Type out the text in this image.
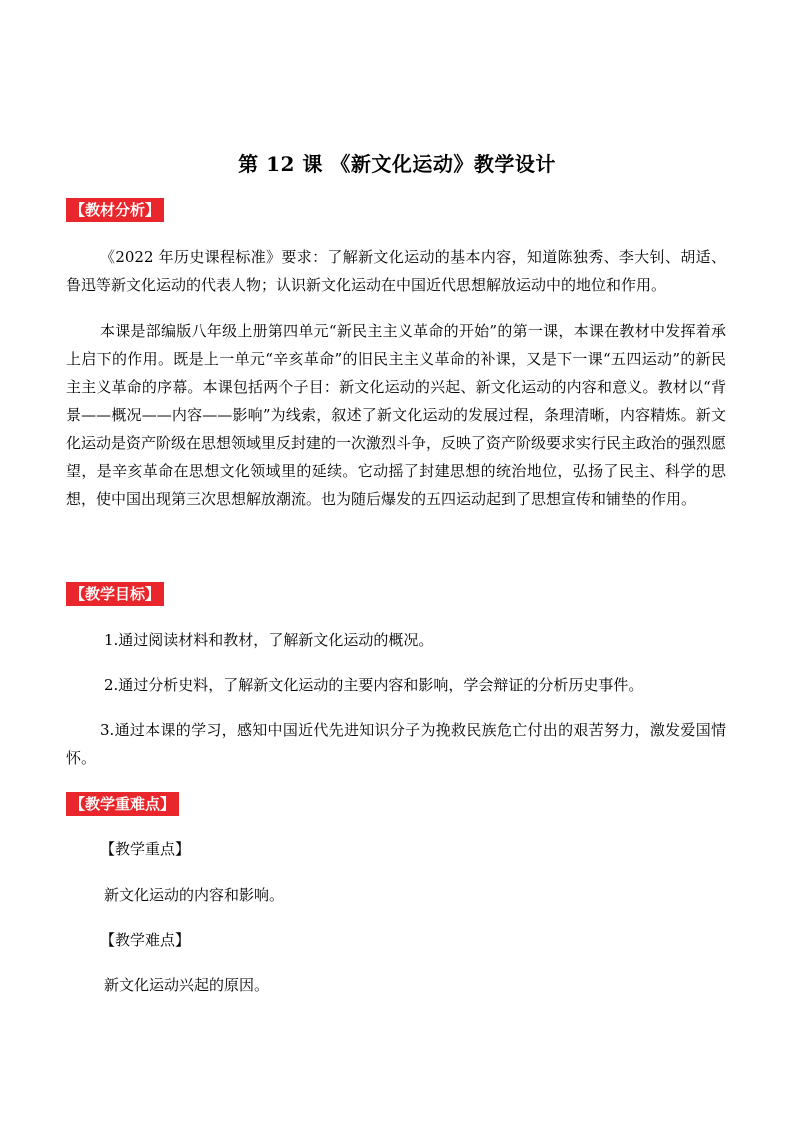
第 12 课 《新文化运动》教学设计
【教材分析】

《2022 年历史课程标准》要求：了解新文化运动的基本内容，知道陈独秀、李大钊、胡适、鲁迅等新文化运动的代表人物；认识新文化运动在中国近代思想解放运动中的地位和作用。

本课是部编版八年级上册第四单元“新民主主义革命的开始”的第一课，本课在教材中发挥着承上启下的作用。既是上一单元“辛亥革命”的旧民主主义革命的补课，又是下一课“五四运动”的新民主主义革命的序幕。本课包括两个子目：新文化运动的兴起、新文化运动的内容和意义。教材以“背景——概况——内容——影响”为线索，叙述了新文化运动的发展过程，条理清晰，内容精炼。新文化运动是资产阶级在思想领域里反封建的一次激烈斗争，反映了资产阶级要求实行民主政治的强烈愿望，是辛亥革命在思想文化领域里的延续。它动摇了封建思想的统治地位，弘扬了民主、科学的思想，使中国出现第三次思想解放潮流。也为随后爆发的五四运动起到了思想宣传和铺垫的作用。

【教学目标】

1.通过阅读材料和教材，了解新文化运动的概况。

2.通过分析史料，了解新文化运动的主要内容和影响，学会辩证的分析历史事件。

3.通过本课的学习，感知中国近代先进知识分子为挽救民族危亡付出的艰苦努力，激发爱国情怀。

【教学重难点】

【教学重点】

新文化运动的内容和影响。

【教学难点】

新文化运动兴起的原因。
